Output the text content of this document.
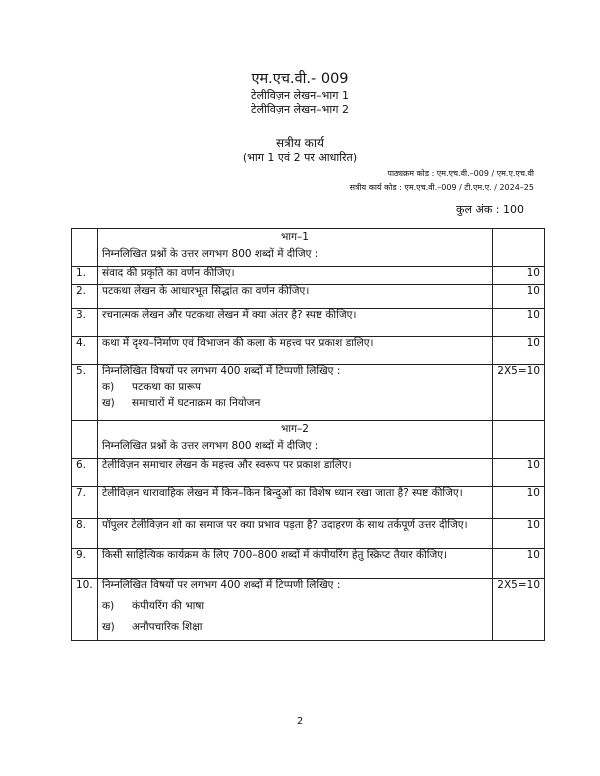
एम.एच.वी.- 009
टेलीविज़न लेखन–भाग 1
टेलीविज़न लेखन–भाग 2
सत्रीय कार्य
(भाग 1 एवं 2 पर आधारित)
पाठ्यक्रम कोड : एम.एच.वी.–009 / एम.ए.एच.वी
सत्रीय कार्य कोड : एम.एच.वी.–009 / टी.एम.ए. / 2024–25
कुल अंक : 100

	भाग–1
निम्नलिखित प्रश्नों के उत्तर लगभग 800 शब्दों में दीजिए :	

1.	संवाद की प्रकृति का वर्णन कीजिए।	10
2.	पटकथा लेखन के आधारभूत सिद्धांत का वर्णन कीजिए।	10
3.	रचनात्मक लेखन और पटकथा लेखन में क्या अंतर है? स्पष्ट कीजिए।	10
4.	कथा में दृश्य–निर्माण एवं विभाजन की कला के महत्त्व पर प्रकाश डालिए।	10
5.	निम्नलिखित विषयों पर लगभग 400 शब्दों में टिप्पणी लिखिए :
क) पटकथा का प्रारूप
ख) समाचारों में घटनाक्रम का नियोजन	2X5=10

	भाग–2
निम्नलिखित प्रश्नों के उत्तर लगभग 800 शब्दों में दीजिए :	

6.	टेलीविज़न समाचार लेखन के महत्त्व और स्वरूप पर प्रकाश डालिए।	10
7.	टेलीविज़न धारावाहिक लेखन में किन–किन बिन्दुओं का विशेष ध्यान रखा जाता है? स्पष्ट कीजिए।	10
8.	पॉपुलर टेलीविज़न शो का समाज पर क्या प्रभाव पड़ता है? उदाहरण के साथ तर्कपूर्ण उत्तर दीजिए।	10
9.	किसी साहित्यिक कार्यक्रम के लिए 700–800 शब्दों में कंपीयरिंग हेतु स्क्रिप्ट तैयार कीजिए।	10
10.	निम्नलिखित विषयों पर लगभग 400 शब्दों में टिप्पणी लिखिए :
क) कंपीयरिंग की भाषा
ख) अनौपचारिक शिक्षा	2X5=10
2
